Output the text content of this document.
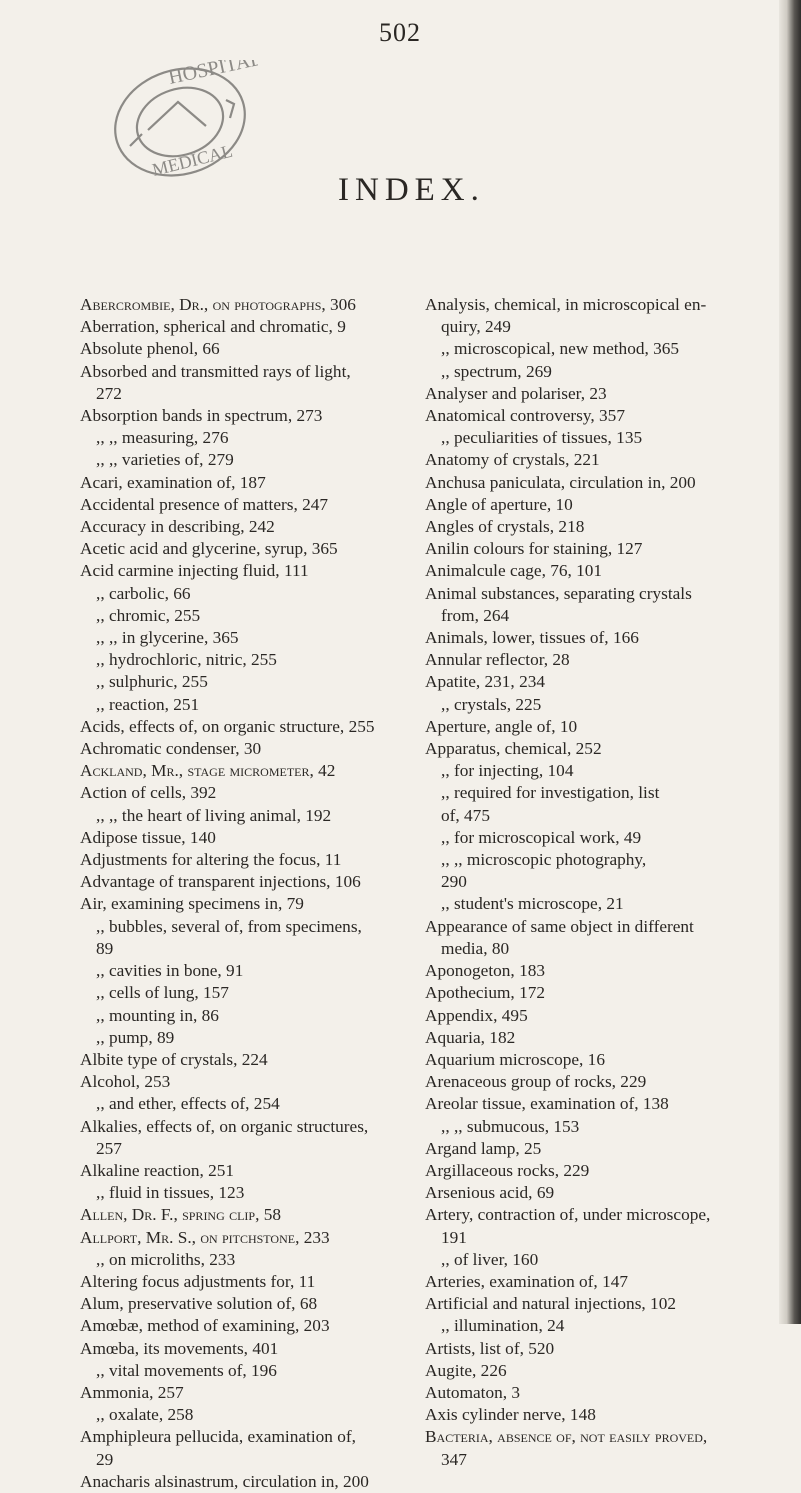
502
HOSPITAL
MEDICAL
INDEX.
Abercrombie, Dr., on photographs, 306
Aberration, spherical and chromatic, 9
Absolute phenol, 66
Absorbed and transmitted rays of light,
272
Absorption bands in spectrum, 273
,, ,, measuring, 276
,, ,, varieties of, 279
Acari, examination of, 187
Accidental presence of matters, 247
Accuracy in describing, 242
Acetic acid and glycerine, syrup, 365
Acid carmine injecting fluid, 111
,, carbolic, 66
,, chromic, 255
,, ,, in glycerine, 365
,, hydrochloric, nitric, 255
,, sulphuric, 255
,, reaction, 251
Acids, effects of, on organic structure, 255
Achromatic condenser, 30
Ackland, Mr., stage micrometer, 42
Action of cells, 392
,, ,, the heart of living animal, 192
Adipose tissue, 140
Adjustments for altering the focus, 11
Advantage of transparent injections, 106
Air, examining specimens in, 79
,, bubbles, several of, from specimens,
89
,, cavities in bone, 91
,, cells of lung, 157
,, mounting in, 86
,, pump, 89
Albite type of crystals, 224
Alcohol, 253
,, and ether, effects of, 254
Alkalies, effects of, on organic structures,
257
Alkaline reaction, 251
,, fluid in tissues, 123
Allen, Dr. F., spring clip, 58
Allport, Mr. S., on pitchstone, 233
,, on microliths, 233
Altering focus adjustments for, 11
Alum, preservative solution of, 68
Amœbæ, method of examining, 203
Amœba, its movements, 401
,, vital movements of, 196
Ammonia, 257
,, oxalate, 258
Amphipleura pellucida, examination of,
29
Anacharis alsinastrum, circulation in, 200
Analysis, chemical, in microscopical en-
quiry, 249
,, microscopical, new method, 365
,, spectrum, 269
Analyser and polariser, 23
Anatomical controversy, 357
,, peculiarities of tissues, 135
Anatomy of crystals, 221
Anchusa paniculata, circulation in, 200
Angle of aperture, 10
Angles of crystals, 218
Anilin colours for staining, 127
Animalcule cage, 76, 101
Animal substances, separating crystals
from, 264
Animals, lower, tissues of, 166
Annular reflector, 28
Apatite, 231, 234
,, crystals, 225
Aperture, angle of, 10
Apparatus, chemical, 252
,, for injecting, 104
,, required for investigation, list
of, 475
,, for microscopical work, 49
,, ,, microscopic photography,
290
,, student's microscope, 21
Appearance of same object in different
media, 80
Aponogeton, 183
Apothecium, 172
Appendix, 495
Aquaria, 182
Aquarium microscope, 16
Arenaceous group of rocks, 229
Areolar tissue, examination of, 138
,, ,, submucous, 153
Argand lamp, 25
Argillaceous rocks, 229
Arsenious acid, 69
Artery, contraction of, under microscope,
191
,, of liver, 160
Arteries, examination of, 147
Artificial and natural injections, 102
,, illumination, 24
Artists, list of, 520
Augite, 226
Automaton, 3
Axis cylinder nerve, 148
Bacteria, absence of, not easily proved,
347
